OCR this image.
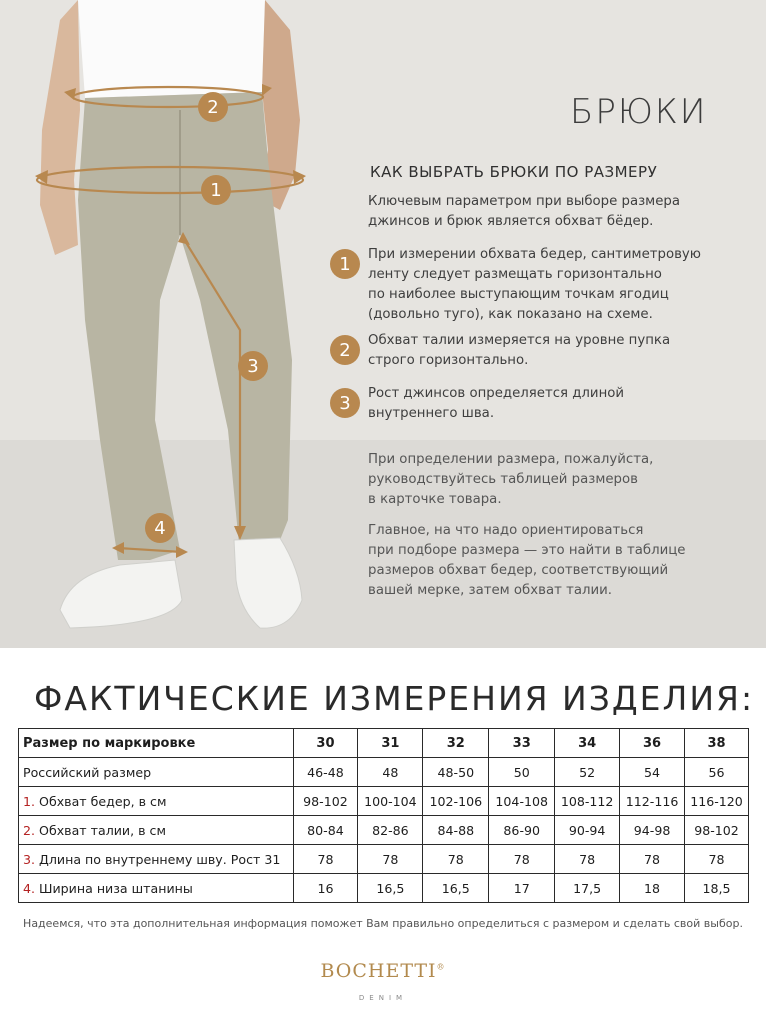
2
1
3
4
БРЮКИ
КАК ВЫБРАТЬ БРЮКИ ПО РАЗМЕРУ
Ключевым параметром при выборе размера
джинсов и брюк является обхват бёдер.
1	При измерении обхвата бедер, сантиметровую
ленту следует размещать горизонтально
по наиболее выступающим точкам ягодиц
(довольно туго), как показано на схеме.
2	Обхват талии измеряется на уровне пупка
строго горизонтально.
3	Рост джинсов определяется длиной
внутреннего шва.
При определении размера, пожалуйста,
руководствуйтесь таблицей размеров
в карточке товара.
Главное, на что надо ориентироваться
при подборе размера — это найти в таблице
размеров обхват бедер, соответствующий
вашей мерке, затем обхват талии.
ФАКТИЧЕСКИЕ ИЗМЕРЕНИЯ ИЗДЕЛИЯ:
Размер по маркировке	30	31	32	33	34	36	38
Российский размер	46-48	48	48-50	50	52	54	56
1. Обхват бедер, в см	98-102	100-104	102-106	104-108	108-112	112-116	116-120
2. Обхват талии, в см	80-84	82-86	84-88	86-90	90-94	94-98	98-102
3. Длина по внутреннему шву. Рост 31	78	78	78	78	78	78	78
4. Ширина низа штанины	16	16,5	16,5	17	17,5	18	18,5
Надеемся, что эта дополнительная информация поможет Вам правильно определиться с размером и сделать свой выбор.
BOCHETTI®
DENIM
